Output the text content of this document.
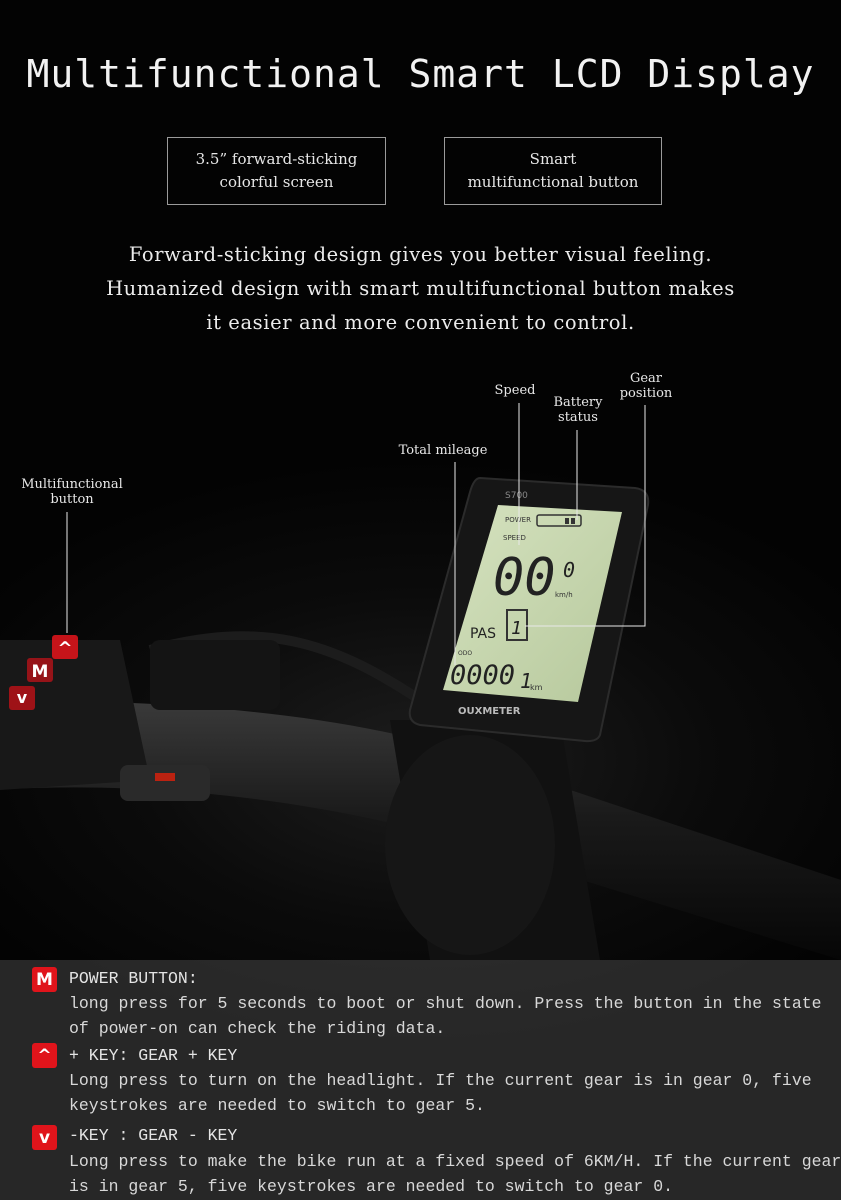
Multifunctional Smart LCD Display
3.5” forward-sticking
colorful screen
Smart
multifunctional button
Forward-sticking design gives you better visual feeling.
Humanized design with smart multifunctional button makes
it easier and more convenient to control.
S700
POWER
SPEED
00 0
km/h
PAS 1
ODO
0000 1
km
OUXMETER
^
M
v
Multifunctional
button
Total mileage
Speed
Battery
status
Gear
position
M POWER BUTTON:
long press for 5 seconds to boot or shut down. Press the button in the state
of power-on can check the riding data.
^	+ KEY: GEAR + KEY
Long press to turn on the headlight. If the current gear is in gear 0, five
keystrokes are needed to switch to gear 5.
v	-KEY : GEAR - KEY
Long press to make the bike run at a fixed speed of 6KM/H. If the current gear
is in gear 5, five keystrokes are needed to switch to gear 0.
